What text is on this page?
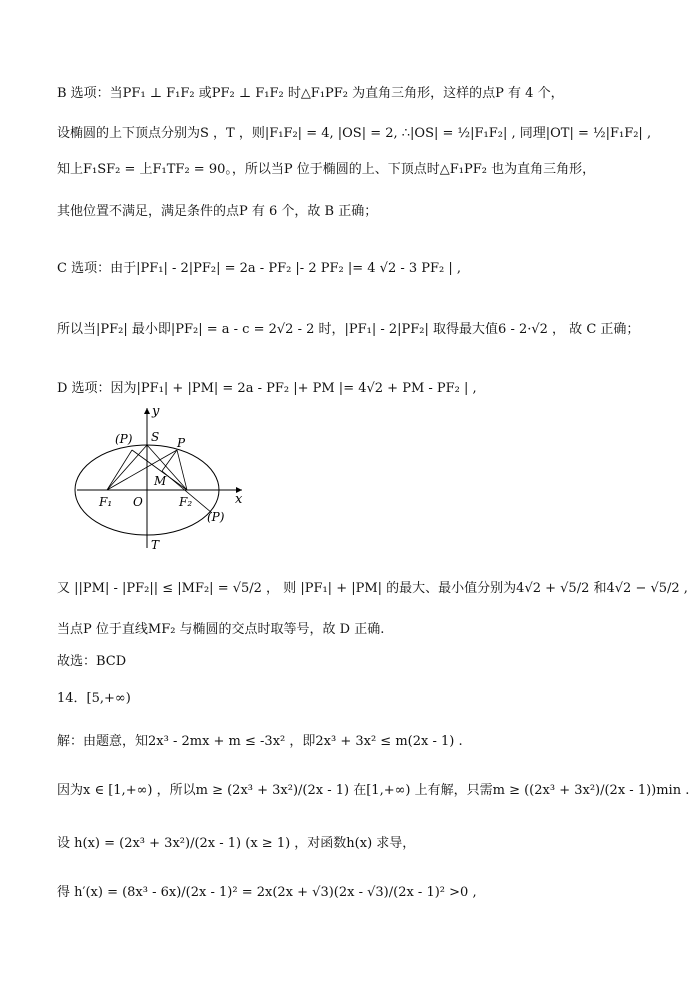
B 选项：当PF₁ ⊥ F₁F₂ 或PF₂ ⊥ F₁F₂ 时△F₁PF₂ 为直角三角形，这样的点P 有 4 个，
设椭圆的上下顶点分别为S ，T ，则|F₁F₂| = 4, |OS| = 2, ∴|OS| = ½|F₁F₂| , 同理|OT| = ½|F₁F₂| ,
知上F₁SF₂ = 上F₁TF₂ = 90。，所以当P 位于椭圆的上、下顶点时△F₁PF₂ 也为直角三角形，
其他位置不满足，满足条件的点P 有 6 个，故 B 正确；
C 选项：由于|PF₁| - 2|PF₂| = 2a - PF₂ |- 2 PF₂ |= 4 √2 - 3 PF₂ | ,
所以当|PF₂| 最小即|PF₂| = a - c = 2√2 - 2 时，|PF₁| - 2|PF₂| 取得最大值6 - 2·√2 ， 故 C 正确；
D 选项：因为|PF₁| + |PM| = 2a - PF₂ |+ PM |= 4√2 + PM - PF₂ | ,
y
x
(P) S P
M
F₁ O	F₂
(P)
T
又 ||PM| - |PF₂|| ≤ |MF₂| = √5/2 ， 则 |PF₁| + |PM| 的最大、最小值分别为4√2 + √5/2 和4√2 − √5/2 ,
当点P 位于直线MF₂ 与椭圆的交点时取等号，故 D 正确.
故选：BCD
14．[5,+∞)
解：由题意，知2x³ - 2mx + m ≤ -3x² ，即2x³ + 3x² ≤ m(2x - 1) .
因为x ∈ [1,+∞) ，所以m ≥ (2x³ + 3x²)/(2x - 1) 在[1,+∞) 上有解，只需m ≥ ((2x³ + 3x²)/(2x - 1))min .
设 h(x) = (2x³ + 3x²)/(2x - 1) (x ≥ 1) ，对函数h(x) 求导，
得 h′(x) = (8x³ - 6x)/(2x - 1)² = 2x(2x + √3)(2x - √3)/(2x - 1)² >0 ,
